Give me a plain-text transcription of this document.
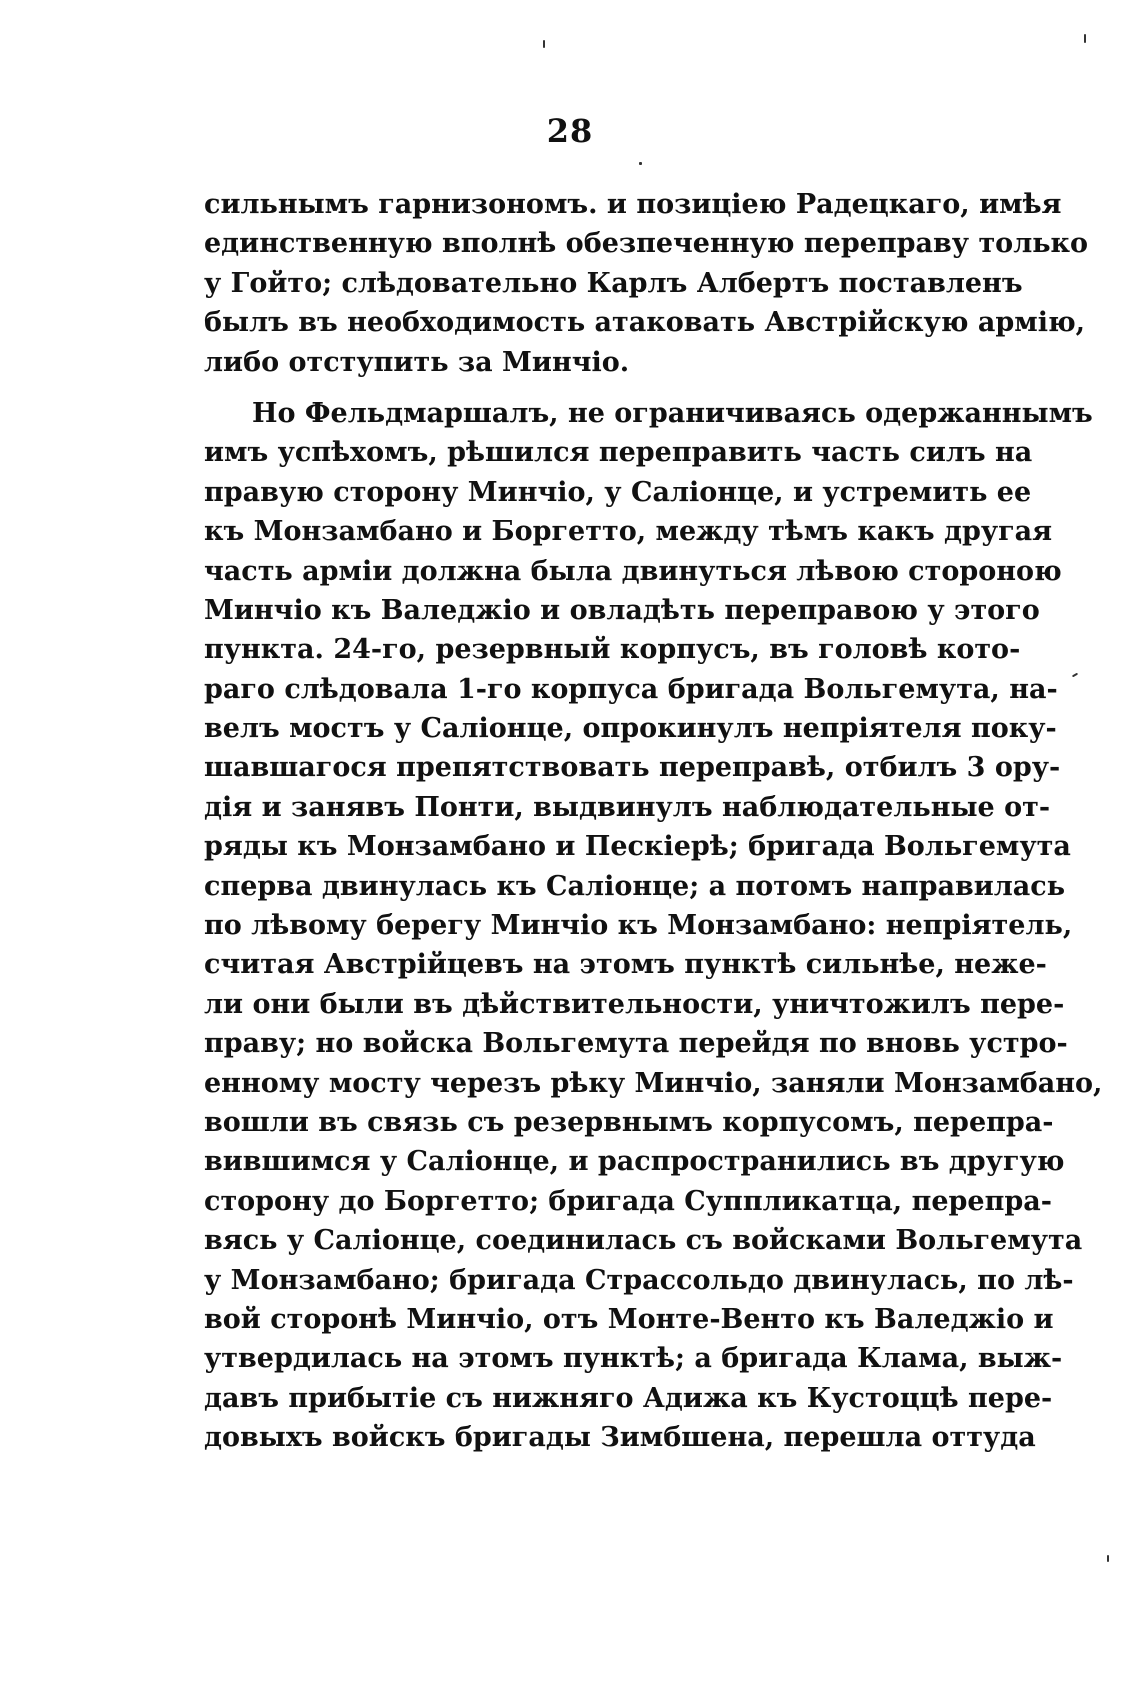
28
сильнымъ гарнизономъ. и позицiею Радецкаго, имѣя
единственную вполнѣ обезпеченную переправу только
у Гойто; слѣдовательно Карлъ Албертъ поставленъ
былъ въ необходимость атаковать Австрiйскую армiю,
либо отступить за Минчiо.
Но Фельдмаршалъ, не ограничиваясь одержаннымъ
имъ успѣхомъ, рѣшился переправить часть силъ на
правую сторону Минчiо, у Салiонце, и устремить ее
къ Монзамбано и Боргетто, между тѣмъ какъ другая
часть армiи должна была двинуться лѣвою стороною
Минчiо къ Валеджiо и овладѣть переправою у этого
пункта. 24-го, резервный корпусъ, въ головѣ кото-
раго слѣдовала 1-го корпуса бригада Вольгемута, на-
велъ мостъ у Салiонце, опрокинулъ непрiятеля поку-
шавшагося препятствовать переправѣ, отбилъ 3 ору-
дiя и занявъ Понти, выдвинулъ наблюдательные от-
ряды къ Монзамбано и Пескiерѣ; бригада Вольгемута
сперва двинулась къ Салiонце; а потомъ направилась
по лѣвому берегу Минчiо къ Монзамбано: непрiятель,
считая Австрiйцевъ на этомъ пунктѣ сильнѣе, неже-
ли они были въ дѣйствительности, уничтожилъ пере-
праву; но войска Вольгемута перейдя по вновь устро-
енному мосту черезъ рѣку Минчiо, заняли Монзамбано,
вошли въ связь съ резервнымъ корпусомъ, перепра-
вившимся у Салiонце, и распространились въ другую
сторону до Боргетто; бригада Суппликатца, перепра-
вясь у Салiонце, соединилась съ войсками Вольгемута
у Монзамбано; бригада Страссольдо двинулась, по лѣ-
вой сторонѣ Минчiо, отъ Монте-Венто къ Валеджiо и
утвердилась на этомъ пунктѣ; а бригада Клама, выж-
давъ прибытiе съ нижняго Адижа къ Кустоццѣ пере-
довыхъ войскъ бригады Зимбшена, перешла оттуда
